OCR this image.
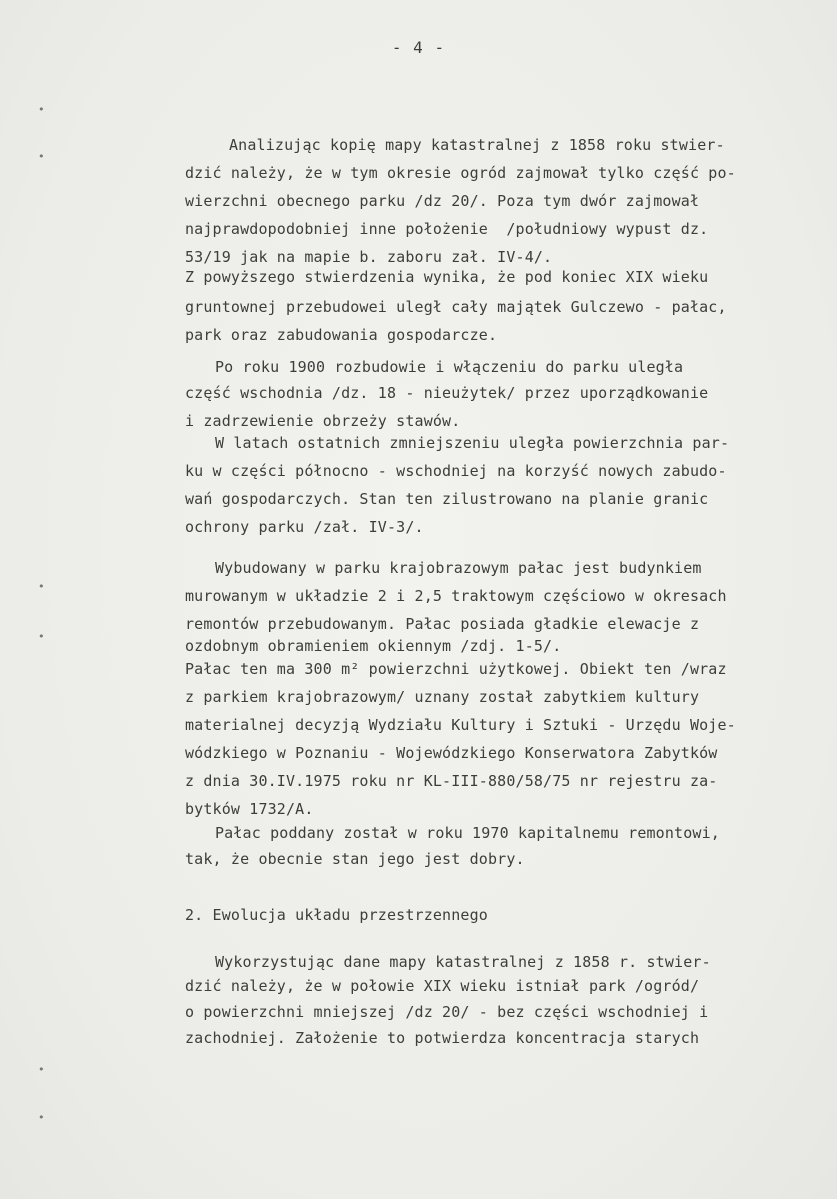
•
•
•
•
•
•
- 4 -
Analizując kopię mapy katastralnej z 1858 roku stwier-
dzić należy, że w tym okresie ogród zajmował tylko część po-
wierzchni obecnego parku /dz 20/. Poza tym dwór zajmował
najprawdopodobniej inne położenie  /południowy wypust dz.
53/19 jak na mapie b. zaboru zał. IV-4/.
Z powyższego stwierdzenia wynika, że pod koniec XIX wieku
gruntownej przebudowei uległ cały majątek Gulczewo - pałac,
park oraz zabudowania gospodarcze.
Po roku 1900 rozbudowie i włączeniu do parku uległa
część wschodnia /dz. 18 - nieużytek/ przez uporządkowanie
i zadrzewienie obrzeży stawów.
W latach ostatnich zmniejszeniu uległa powierzchnia par-
ku w części północno - wschodniej na korzyść nowych zabudo-
wań gospodarczych. Stan ten zilustrowano na planie granic
ochrony parku /zał. IV-3/.
Wybudowany w parku krajobrazowym pałac jest budynkiem
murowanym w układzie 2 i 2,5 traktowym częściowo w okresach
remontów przebudowanym. Pałac posiada gładkie elewacje z
ozdobnym obramieniem okiennym /zdj. 1-5/.
Pałac ten ma 300 m² powierzchni użytkowej. Obiekt ten /wraz
z parkiem krajobrazowym/ uznany został zabytkiem kultury
materialnej decyzją Wydziału Kultury i Sztuki - Urzędu Woje-
wódzkiego w Poznaniu - Wojewódzkiego Konserwatora Zabytków
z dnia 30.IV.1975 roku nr KL-III-880/58/75 nr rejestru za-
bytków 1732/A.
Pałac poddany został w roku 1970 kapitalnemu remontowi,
tak, że obecnie stan jego jest dobry.
2. Ewolucja układu przestrzennego
Wykorzystując dane mapy katastralnej z 1858 r. stwier-
dzić należy, że w połowie XIX wieku istniał park /ogród/
o powierzchni mniejszej /dz 20/ - bez części wschodniej i
zachodniej. Założenie to potwierdza koncentracja starych
